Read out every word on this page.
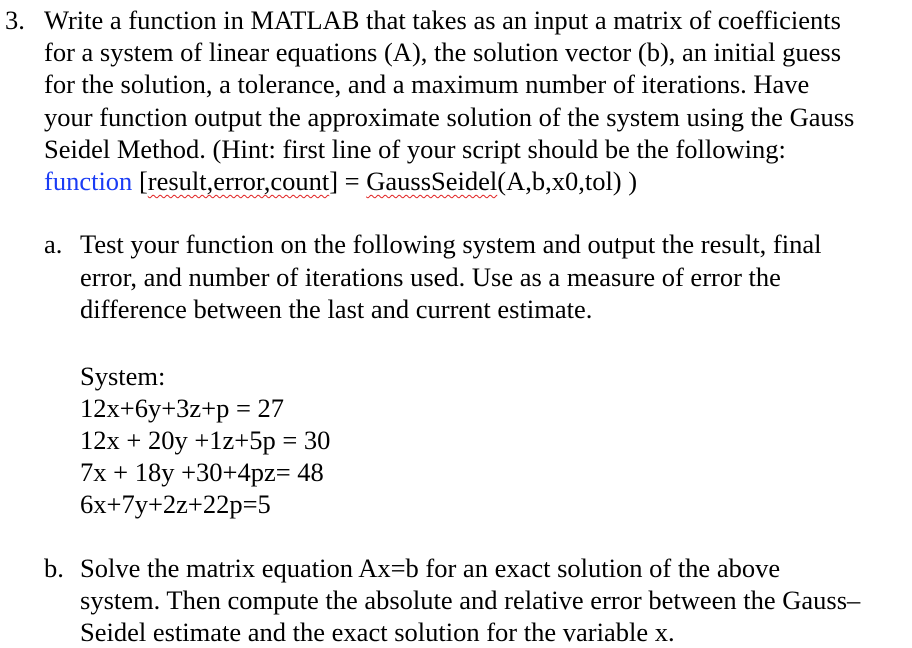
3. Write a function in MATLAB that takes as an input a matrix of coefficients
for a system of linear equations (A), the solution vector (b), an initial guess
for the solution, a tolerance, and a maximum number of iterations. Have
your function output the approximate solution of the system using the Gauss
Seidel Method. (Hint: first line of your script should be the following:
function [result,error,count] = GaussSeidel(A,b,x0,tol) )
a. Test your function on the following system and output the result, final
error, and number of iterations used. Use as a measure of error the
difference between the last and current estimate.
System:
12x+6y+3z+p = 27
12x + 20y +1z+5p = 30
7x + 18y +30+4pz= 48
6x+7y+2z+22p=5
b. Solve the matrix equation Ax=b for an exact solution of the above
system. Then compute the absolute and relative error between the Gauss–
Seidel estimate and the exact solution for the variable x.
